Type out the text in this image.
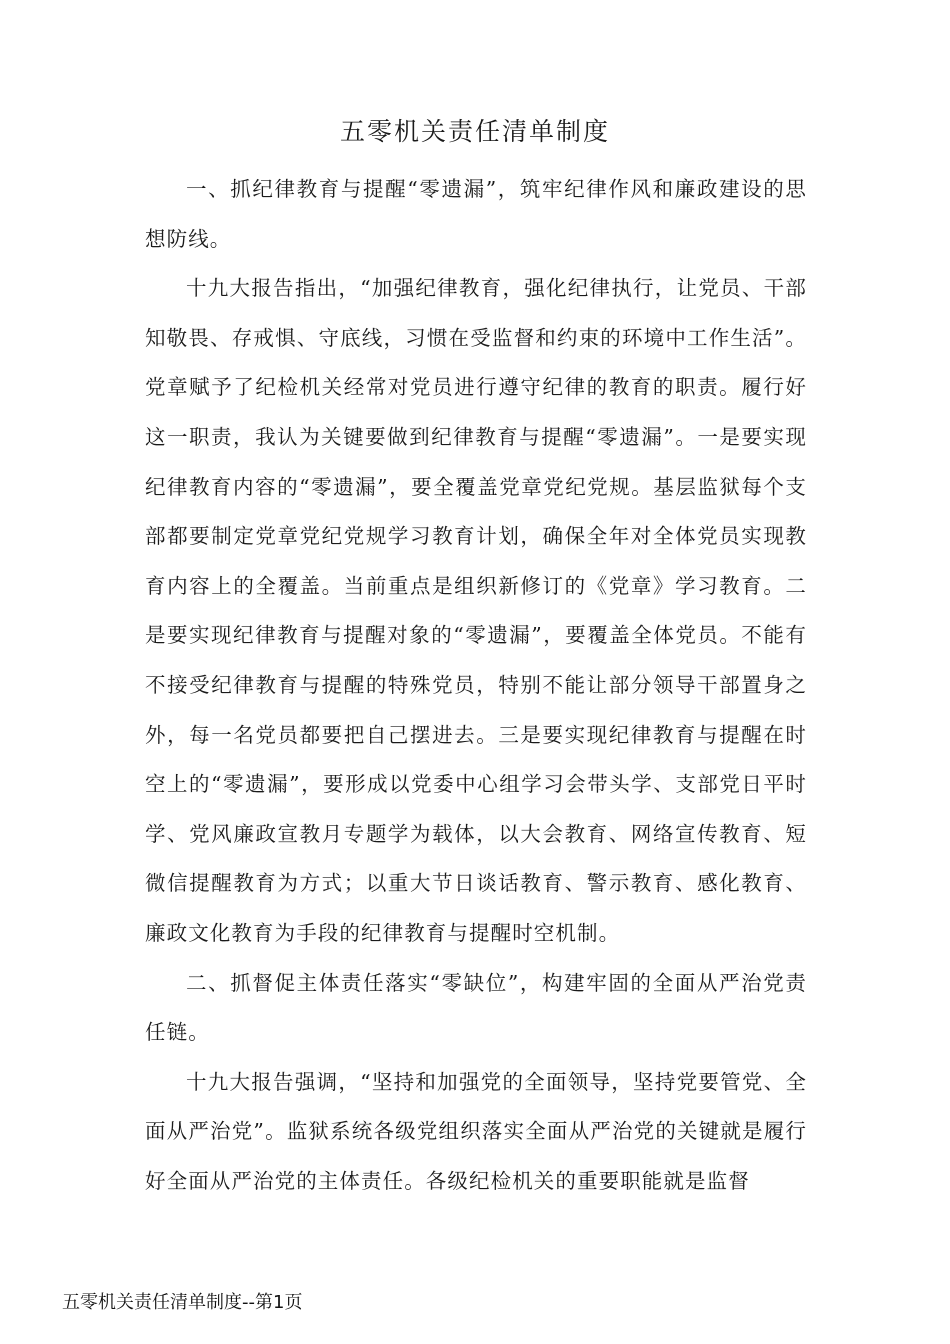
五零机关责任清单制度

一、抓纪律教育与提醒“零遗漏”，筑牢纪律作风和廉政建设的思想防线。

十九大报告指出，“加强纪律教育，强化纪律执行，让党员、干部知敬畏、存戒惧、守底线，习惯在受监督和约束的环境中工作生活”。党章赋予了纪检机关经常对党员进行遵守纪律的教育的职责。履行好这一职责，我认为关键要做到纪律教育与提醒“零遗漏”。一是要实现纪律教育内容的“零遗漏”，要全覆盖党章党纪党规。基层监狱每个支部都要制定党章党纪党规学习教育计划，确保全年对全体党员实现教育内容上的全覆盖。当前重点是组织新修订的《党章》学习教育。二是要实现纪律教育与提醒对象的“零遗漏”，要覆盖全体党员。不能有不接受纪律教育与提醒的特殊党员，特别不能让部分领导干部置身之外，每一名党员都要把自己摆进去。三是要实现纪律教育与提醒在时空上的“零遗漏”，要形成以党委中心组学习会带头学、支部党日平时学、党风廉政宣教月专题学为载体，以大会教育、网络宣传教育、短微信提醒教育为方式；以重大节日谈话教育、警示教育、感化教育、廉政文化教育为手段的纪律教育与提醒时空机制。

二、抓督促主体责任落实“零缺位”，构建牢固的全面从严治党责任链。

十九大报告强调，“坚持和加强党的全面领导，坚持党要管党、全面从严治党”。监狱系统各级党组织落实全面从严治党的关键就是履行好全面从严治党的主体责任。各级纪检机关的重要职能就是监督

五零机关责任清单制度--第1页
